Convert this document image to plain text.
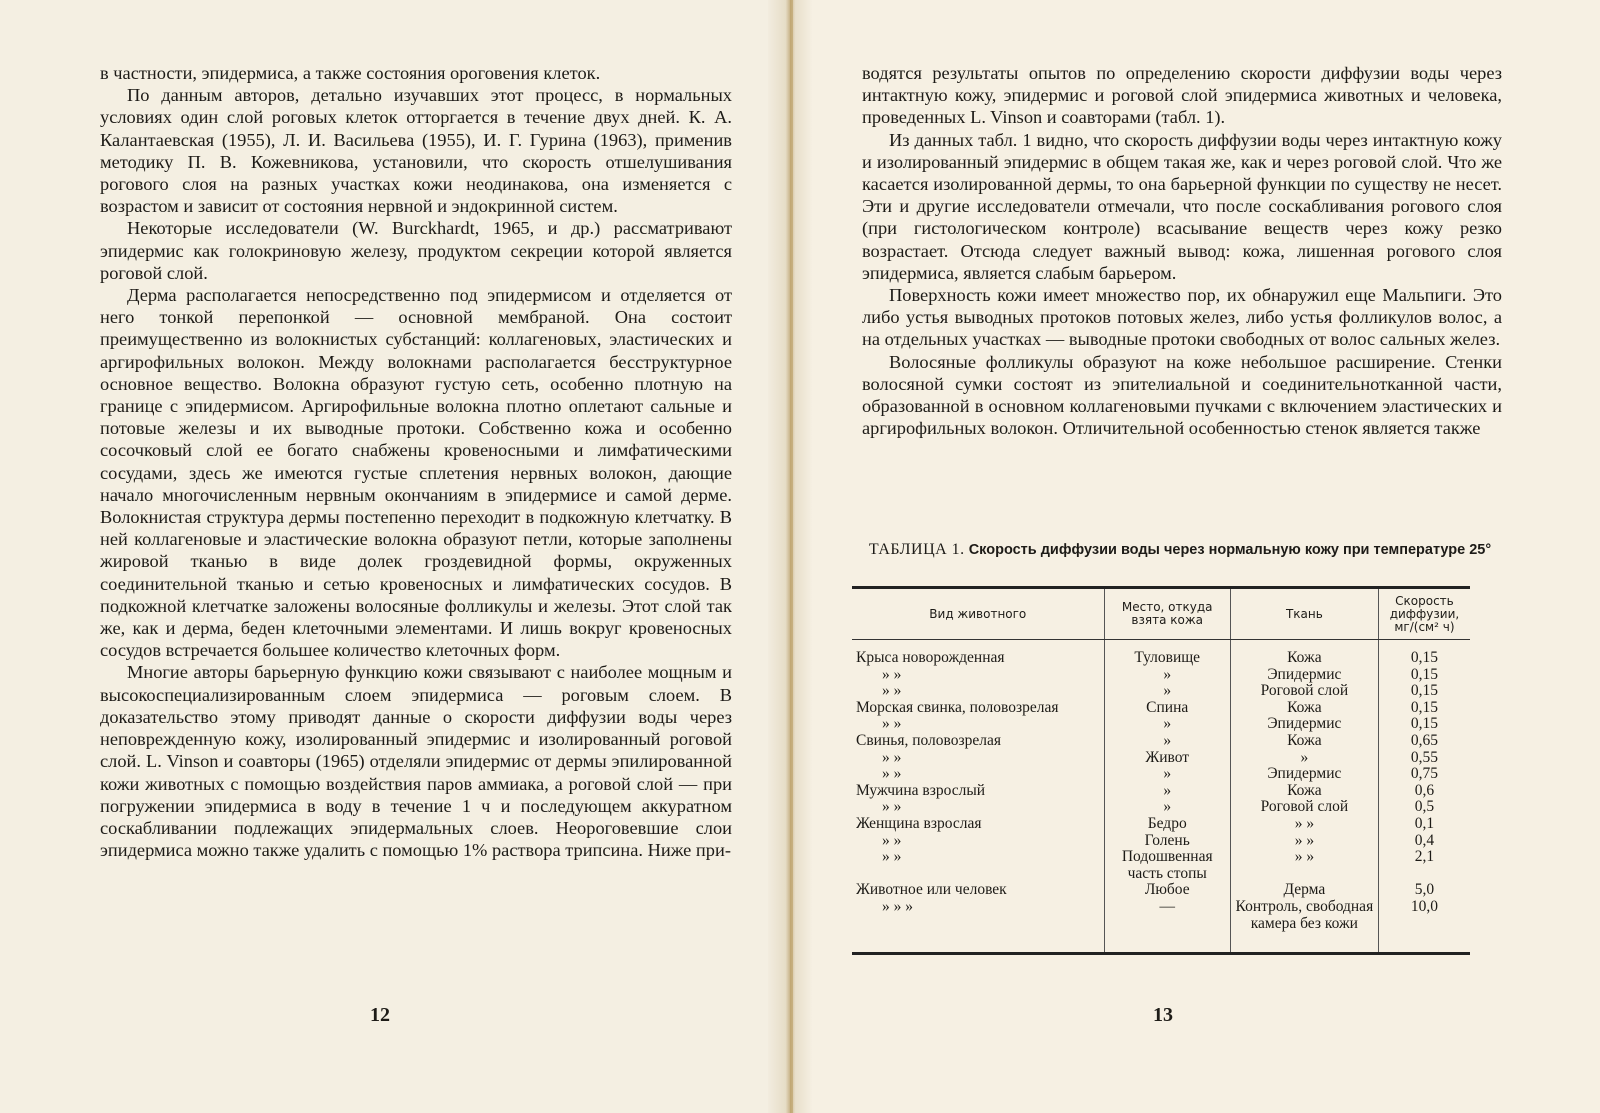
в частности, эпидермиса, а также состояния ороговения клеток.

По данным авторов, детально изучавших этот процесс, в нормальных условиях один слой роговых клеток отторгается в течение двух дней. К. А. Калантаевская (1955), Л. И. Васильева (1955), И. Г. Гурина (1963), применив методику П. В. Кожевникова, установили, что скорость отшелушивания рогового слоя на разных участках кожи неодинакова, она изменяется с возрастом и зависит от состояния нервной и эндокринной систем.

Некоторые исследователи (W. Burckhardt, 1965, и др.) рассматривают эпидермис как голокриновую железу, продуктом секреции которой является роговой слой.

Дерма располагается непосредственно под эпидермисом и отделяется от него тонкой перепонкой — основной мембраной. Она состоит преимущественно из волокнистых субстанций: коллагеновых, эластических и аргирофильных волокон. Между волокнами располагается бесструктурное основное вещество. Волокна образуют густую сеть, особенно плотную на границе с эпидермисом. Аргирофильные волокна плотно оплетают сальные и потовые железы и их выводные протоки. Собственно кожа и особенно сосочковый слой ее богато снабжены кровеносными и лимфатическими сосудами, здесь же имеются густые сплетения нервных волокон, дающие начало многочисленным нервным окончаниям в эпидермисе и самой дерме. Волокнистая структура дермы постепенно переходит в подкожную клетчатку. В ней коллагеновые и эластические волокна образуют петли, которые заполнены жировой тканью в виде долек гроздевидной формы, окруженных соединительной тканью и сетью кровеносных и лимфатических сосудов. В подкожной клетчатке заложены волосяные фолликулы и железы. Этот слой так же, как и дерма, беден клеточными элементами. И лишь вокруг кровеносных сосудов встречается большее количество клеточных форм.

Многие авторы барьерную функцию кожи связывают с наиболее мощным и высокоспециализированным слоем эпидермиса — роговым слоем. В доказательство этому приводят данные о скорости диффузии воды через неповрежденную кожу, изолированный эпидермис и изолированный роговой слой. L. Vinson и соавторы (1965) отделяли эпидермис от дермы эпилированной кожи животных с помощью воздействия паров аммиака, а роговой слой — при погружении эпидермиса в воду в течение 1 ч и последующем аккуратном соскабливании подлежащих эпидермальных слоев. Неороговевшие слои эпидермиса можно также удалить с помощью 1% раствора трипсина. Ниже при-

12

водятся результаты опытов по определению скорости диффузии воды через интактную кожу, эпидермис и роговой слой эпидермиса животных и человека, проведенных L. Vinson и соавторами (табл. 1).

Из данных табл. 1 видно, что скорость диффузии воды через интактную кожу и изолированный эпидермис в общем такая же, как и через роговой слой. Что же касается изолированной дермы, то она барьерной функции по существу не несет. Эти и другие исследователи отмечали, что после соскабливания рогового слоя (при гистологическом контроле) всасывание веществ через кожу резко возрастает. Отсюда следует важный вывод: кожа, лишенная рогового слоя эпидермиса, является слабым барьером.

Поверхность кожи имеет множество пор, их обнаружил еще Мальпиги. Это либо устья выводных протоков потовых желез, либо устья фолликулов волос, а на отдельных участках — выводные протоки свободных от волос сальных желез.

Волосяные фолликулы образуют на коже небольшое расширение. Стенки волосяной сумки состоят из эпителиальной и соединительнотканной части, образованной в основном коллагеновыми пучками с включением эластических и аргирофильных волокон. Отличительной особенностью стенок является также

ТАБЛИЦА 1. Скорость диффузии воды через нормальную кожу при температуре 25°
Вид животного	Место, откуда взята кожа	Ткань	Скорость диффузии, мг/(см² ч)
Крыса новорожденная	Туловище	Кожа	0,15
» »	»	Эпидермис	0,15
» »	»	Роговой слой	0,15
Морская свинка, половозрелая	Спина	Кожа	0,15
» »	»	Эпидермис	0,15
Свинья, половозрелая	»	Кожа	0,65
» »	Живот	»	0,55
» »	»	Эпидермис	0,75
Мужчина взрослый	»	Кожа	0,6
» »	»	Роговой слой	0,5
Женщина взрослая	Бедро	» »	0,1
» »	Голень	» »	0,4
» »	Подошвенная часть стопы	» »	2,1
Животное или человек	Любое	Дерма	5,0
» » »	—	Контроль, свободная камера без кожи	10,0
13
